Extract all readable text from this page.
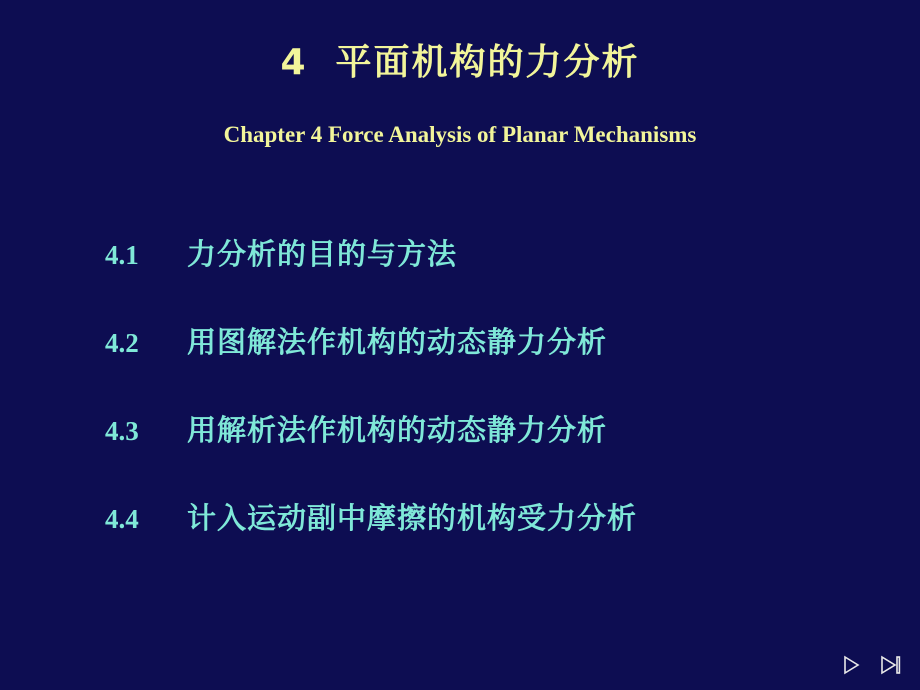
4 平面机构的力分析
Chapter 4 Force Analysis of Planar Mechanisms
4.1	力分析的目的与方法
4.2	用图解法作机构的动态静力分析
4.3	用解析法作机构的动态静力分析
4.4	计入运动副中摩擦的机构受力分析
